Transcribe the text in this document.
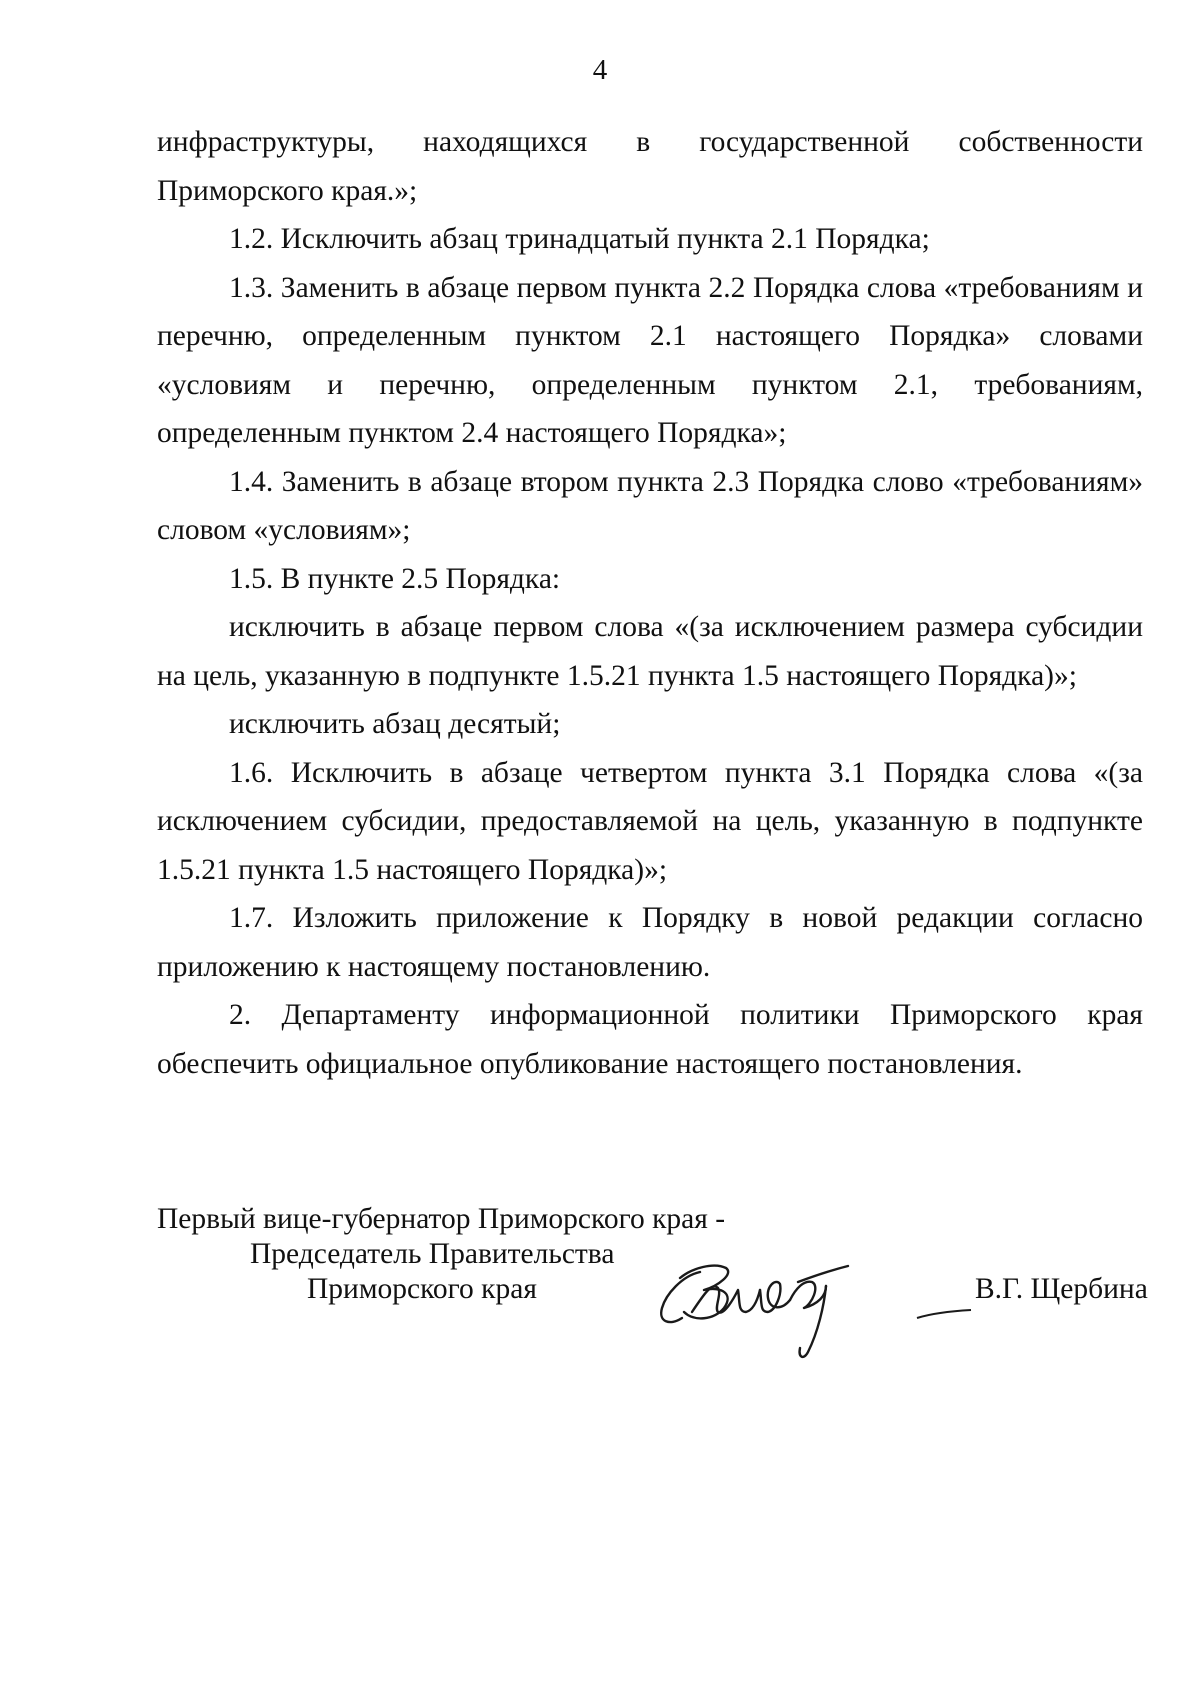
4

инфраструктуры, находящихся в государственной собственности Приморского края.»;

1.2. Исключить абзац тринадцатый пункта 2.1 Порядка;

1.3. Заменить в абзаце первом пункта 2.2 Порядка слова «требованиям и перечню, определенным пунктом 2.1 настоящего Порядка» словами «условиям и перечню, определенным пунктом 2.1, требованиям, определенным пунктом 2.4 настоящего Порядка»;

1.4. Заменить в абзаце втором пункта 2.3 Порядка слово «требованиям» словом «условиям»;

1.5. В пункте 2.5 Порядка:

исключить в абзаце первом слова «(за исключением размера субсидии на цель, указанную в подпункте 1.5.21 пункта 1.5 настоящего Порядка)»;

исключить абзац десятый;

1.6. Исключить в абзаце четвертом пункта 3.1 Порядка слова «(за исключением субсидии, предоставляемой на цель, указанную в подпункте 1.5.21 пункта 1.5 настоящего Порядка)»;

1.7. Изложить приложение к Порядку в новой редакции согласно приложению к настоящему постановлению.

2. Департаменту информационной политики Приморского края обеспечить официальное опубликование настоящего постановления.

Первый вице-губернатор Приморского края -
Председатель Правительства
Приморского края	В.Г. Щербина
